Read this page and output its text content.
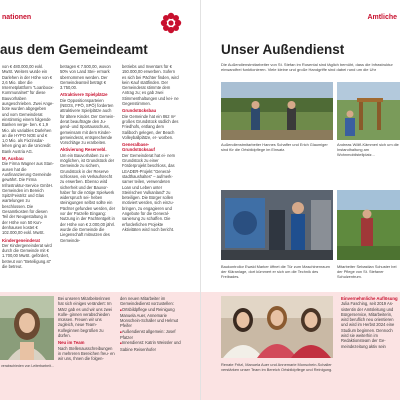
nationen
aus dem Gemeindeamt
von € 480.000,00 exkl. MwSt. Weiters wurde ein Darlehen in der Höhe von € 2,6 Mio. über die Internetplattform "Loanboox-Kommunalnet" für diese Bauvorhaben ausgeschrieben. Zwei Ange- bote wurden abgegeben und vom Gemeinderat einstimmig einem folgende Banken verge- ben. € 1,9 Mio. als variables Darlehen an die HYPO NOE und € 1,0 Mio. als Fixzinsdar- lehen ging an die Unicredit Bank Austria AG.
M, Ausbau
Die Firma Wagner aus Stan- ausen hat die Ausfinanzierung Gemeinde gewährt. Die Firma Infrastruktur-Service GmbH. Gemeinden im Bereich Spitz/Feistritz und Glas wartelungen zu beschlossen. Die Gesamtkosten für diesen Teil der Neugestaltung in der Höhe von 50 Kun- denhausen kostet € 102.000,00 exkl. MwSt.
Kindergeneinderat
Der Kindergeneinderat wird durch die Gemeinde mit € 1.700,00 MwSt. gefördert, betreut von "Beteiligung.st" die betreut.
betragen € 7.500,00, wovon 50% von Land Stei- ermark übernommen werden. Der Gemeindeanteil beträgt € 3.750,00.
Attraktivere Spielplätze
Die Oppositionsparteien (NEOS, FPÖ, SPÖ) forderten attraktivere Spielplätze auch für ältere Kinder. Der Gemein- derat beauftragte den Ju- gend- und Sportausschuss, gemeinsam mit dem Kinder- gemeinderat, entsprechende Vorschläge zu erarbeiten.
Aktivierung Reservebl.
Um ein Bauvorhaben zu er- möglichen, ist Grundstück der Gemeinde zu sichern, Grundstück in der Reserve schlossen, ein Verkaufsrecht zu erwerben. Ebenso wird sicherheit und der Bauvor- haber für die nötige Spielwerk widerspruch sei- heben steinigungen selbst sollte ein Pächter gefunden werden, der vor der Parzelle Eingang: Nutzung in der Pachtentgelt in der Höhe von € 2.000,00 jährl. wurde die Gemeinde die Liegenschaft mitnutzen des Gemeinde-
betriebs und Inventars für € 150.000,00 erwerben. Sofern es sich bei Pächter finden, wird kein Kauf stattfinden. Der Gemeinderat stimmte dem Antrag zu; es gab zwei Stimmenthaltungen und kei- ne Gegenstimmen.
Grundstücksbau
Die Gemeinde hat ein 862 m² großes Grundstück südlich des Friedhofs, entlang dem Saliboch gelegen, der Beach Volleyballplätze, er- worben.
Generalbase-Grundstücksauf
Der Gemeinderat hat ei- nem Grundstück zu einer Förderprojekt beschloss, das LEADER-Projekt "General- stadthaushaltes" – aufmerk- samer teilen, verwendeten Loan und Leben unter Steirischen Vulkanland" zu beteiligen. Die Bürger sollen motiviert werden, sich einzu- bringen, zu engagieren und Angebote für die General- sanierung zu schaffen. Die erforderlichen Projekte Aktivitäten wird noch bericht.
verabschieden von Leiterbarbeit...
Bei unseren Mitarbeiterinnen hat sich einiges verändert: Im März gab es und wir uns zwei Kolle- ginnen verabschieden müssen. Freuen wir uns zugleich, neue Team-Kolleginnen begrüßen zu dürfen.
Neu im Team
Nach Stellenausschreibungen in mehreren Bereichen freu- en wir uns, Ihnen die folgen-
den neuen Mitarbeiter im Gemeindedienst vorzustellen:
■ Ortsbildpflege und Reinigung Manuela Auer, Annemarie Monschein-Schaller und Helmut Pfeifer
■ Außendienst allgemein: Josef Pfatzer
■ Innendienst: Katrin Weissler und Sabine Reisenhofer
Amtliche
Unser Außendienst
Die Außendienstmitarbeiter von St. Stefan im Rosental sind täglich bemüht, dass die Infrastruktur einwandfrei funktionieren. Viele kleine und große Handgriffe sind dabei rund um die Uhr
Außendienstmitarbeiter Hannes Schaffer und Erich Glaumiger sind für die Ortsbildpflege im Einsatz.
Andreas Wölfl-Kämmerl sich um die Instandhaltung am Wohnmobilstellplatz...
Baukontrollor Ewald Marker öffnet die Tür zum Maschinenraum der Kläranlage, dort kümmert er sich um die Technik des Freibades.
Mitarbeiter Sebastian Schuster bei der Pflege von St. Stefaner Schulzentrum.
Renate Fritzl, Manuela Auer und Annemarie Monschein-Schaller verstärken unser Team im Bereich Ortsbildpflege und Reinigung.
Einvernehmliche Auflösung
Julia Fasching, seit 2019 As- sistentin der Amtsleitung und Bürgerservice, Mitarbeiterin, wird beruflich neu orientieren und wird im Herbst 2024 eine Studium beginnen. Dennoch wird sie weiterhin im Redaktionsteam der Ge- meindezeitung aktiv sein
